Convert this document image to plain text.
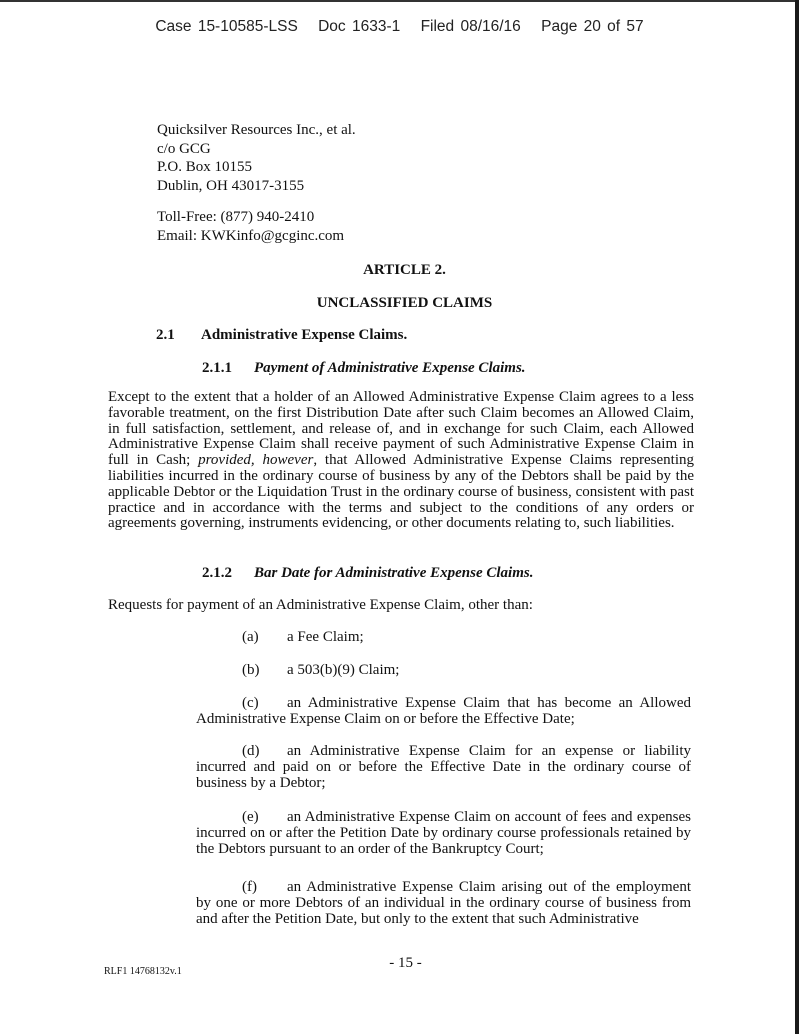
Case 15-10585-LSS Doc 1633-1 Filed 08/16/16 Page 20 of 57
Quicksilver Resources Inc., et al.
c/o GCG
P.O. Box 10155
Dublin, OH 43017-3155
Toll-Free: (877) 940-2410
Email: KWKinfo@gcginc.com
ARTICLE 2.
UNCLASSIFIED CLAIMS
2.1 Administrative Expense Claims.
2.1.1 Payment of Administrative Expense Claims.
Except to the extent that a holder of an Allowed Administrative Expense Claim agrees to a less favorable treatment, on the first Distribution Date after such Claim becomes an Allowed Claim, in full satisfaction, settlement, and release of, and in exchange for such Claim, each Allowed Administrative Expense Claim shall receive payment of such Administrative Expense Claim in full in Cash; provided, however, that Allowed Administrative Expense Claims representing liabilities incurred in the ordinary course of business by any of the Debtors shall be paid by the applicable Debtor or the Liquidation Trust in the ordinary course of business, consistent with past practice and in accordance with the terms and subject to the conditions of any orders or agreements governing, instruments evidencing, or other documents relating to, such liabilities.
2.1.2 Bar Date for Administrative Expense Claims.
Requests for payment of an Administrative Expense Claim, other than:
(a) a Fee Claim;
(b) a 503(b)(9) Claim;
(c) an Administrative Expense Claim that has become an Allowed Administrative Expense Claim on or before the Effective Date;
(d) an Administrative Expense Claim for an expense or liability incurred and paid on or before the Effective Date in the ordinary course of business by a Debtor;
(e) an Administrative Expense Claim on account of fees and expenses incurred on or after the Petition Date by ordinary course professionals retained by the Debtors pursuant to an order of the Bankruptcy Court;
(f) an Administrative Expense Claim arising out of the employment by one or more Debtors of an individual in the ordinary course of business from and after the Petition Date, but only to the extent that such Administrative
- 15 -
RLF1 14768132v.1
